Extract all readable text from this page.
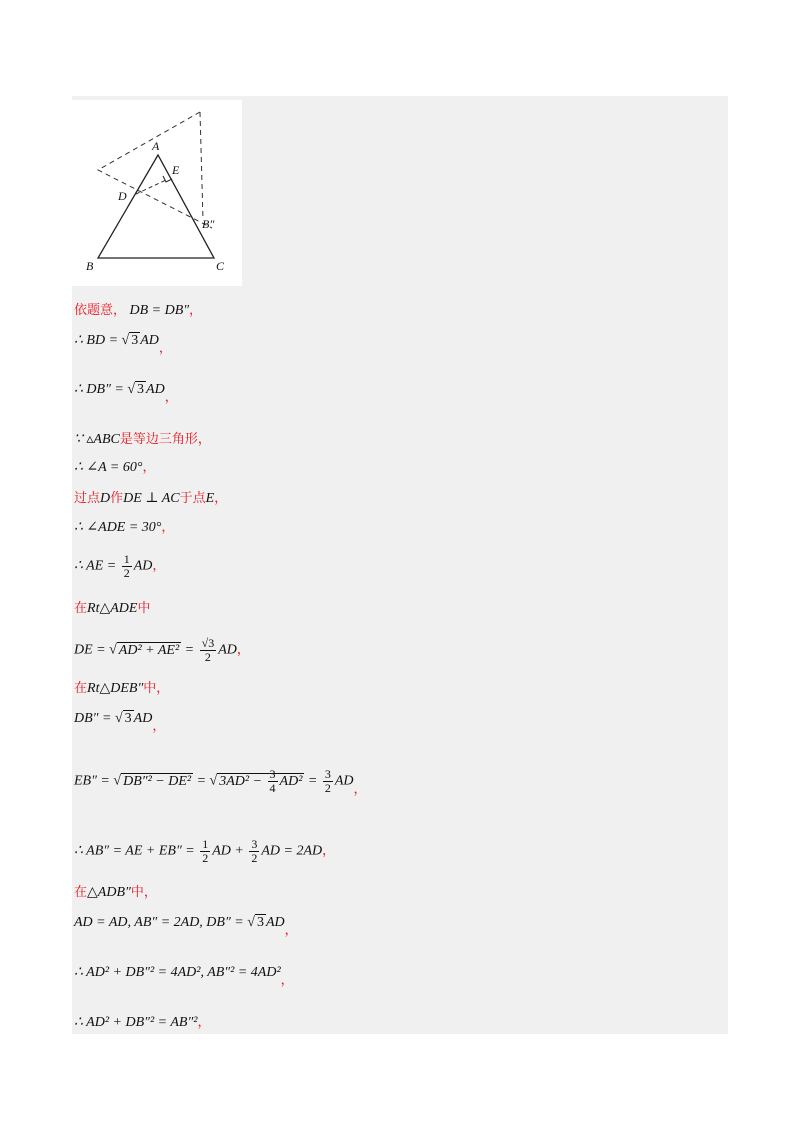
A
E
D
B″
B	C
依题意， DB = DB″，
∴ BD = √ 3 AD，
∴ DB″ = √ 3 AD，
∵ ▵ABC是等边三角形，
∴ ∠A = 60°，
过点D作DE ⊥ AC于点E，
∴ ∠ADE = 30°，
∴ AE = $\frac{1}{2}$ AD，
在Rt△ADE中
DE = √ $AD^2 + AE^2 = \frac{√3}{2}$ AD，
在Rt△DEB″中，
DB″ = √ 3 AD，
EB″ = √ DB″² − DE² = √ $3AD^2 - \frac{3}{4} AD^2 = \frac{3}{2}$ AD，
∴ AB″ = AE + $EB'' = \frac{1}{2}$ AD + $\frac{3}{2}$ AD = 2AD，
在△ADB″中，
AD = AD, AB″ = 2AD, DB″ = √ 3 AD，
∴ AD² + DB″² = 4AD², AB″² = 4AD²，
∴ AD² + DB″² = AB″²，
